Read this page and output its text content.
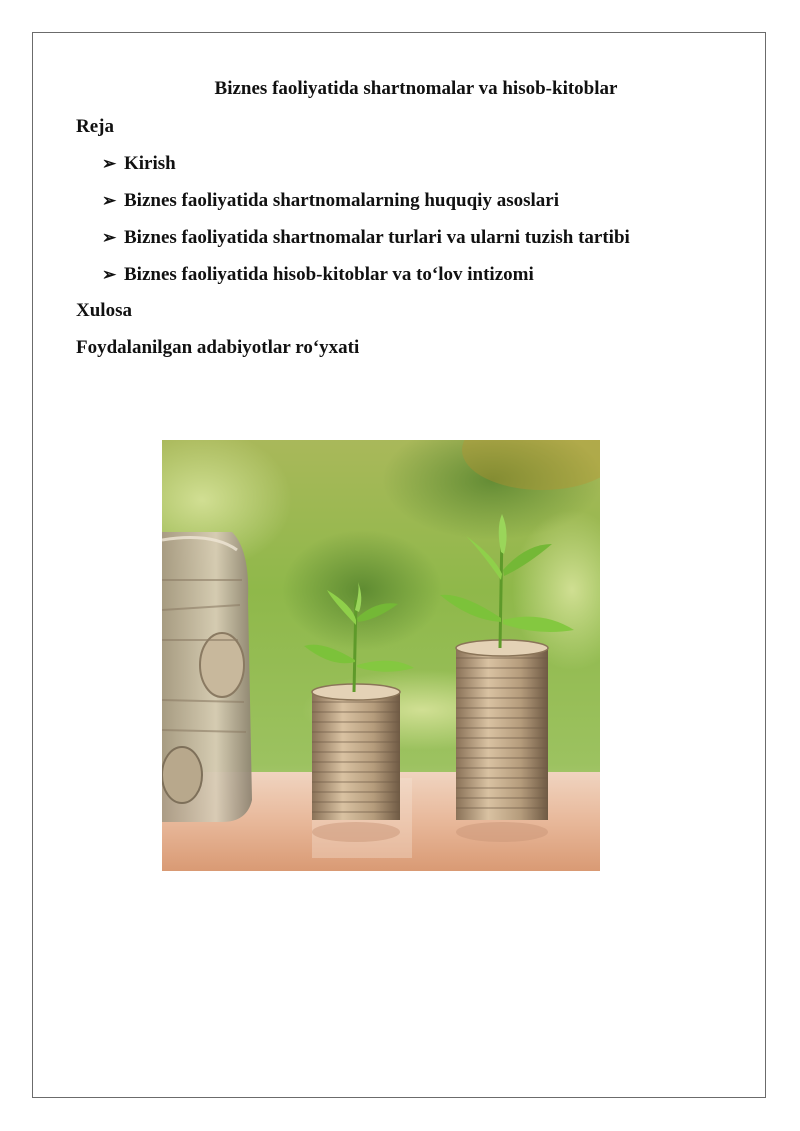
Biznes faoliyatida shartnomalar va hisob-kitoblar
Reja
➢ Kirish
➢ Biznes faoliyatida shartnomalarning huquqiy asoslari
➢ Biznes faoliyatida shartnomalar turlari va ularni tuzish tartibi
➢ Biznes faoliyatida hisob-kitoblar va to‘lov intizomi
Xulosa
Foydalanilgan adabiyotlar ro‘yxati
